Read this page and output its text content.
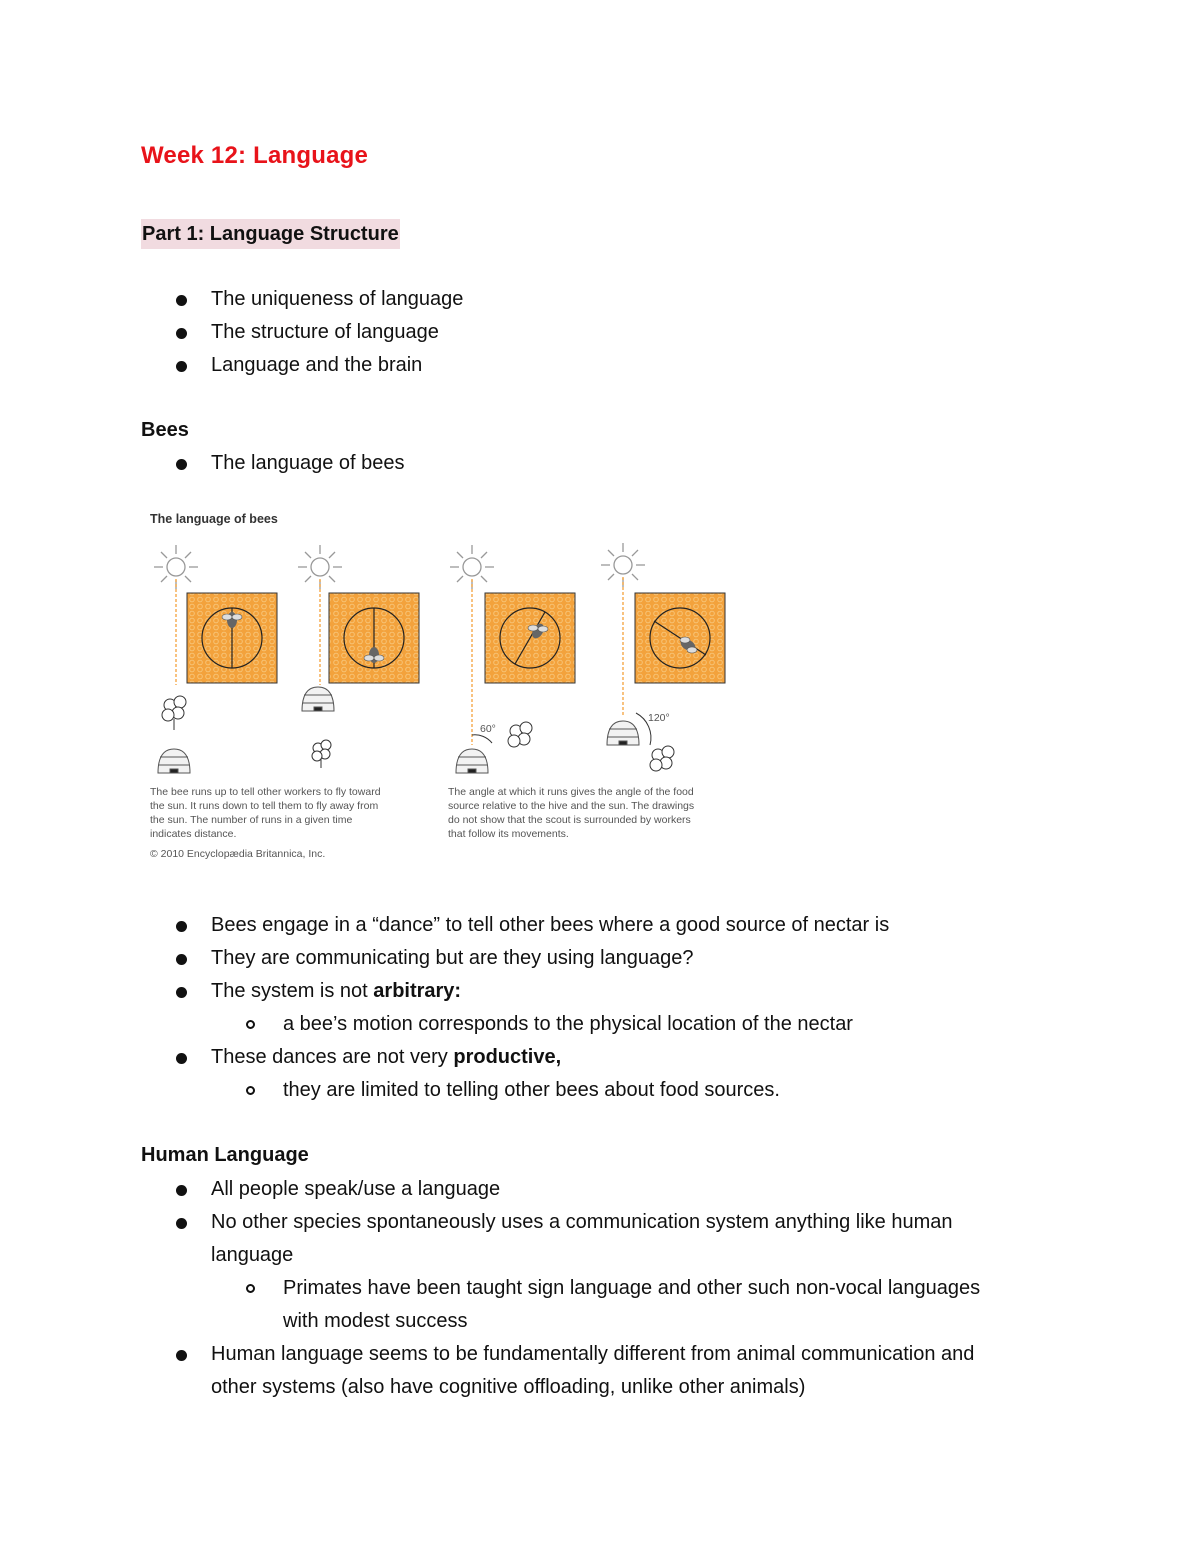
Week 12: Language
Part 1: Language Structure
The uniqueness of language
The structure of language
Language and the brain
Bees
The language of bees
The language of bees
60°
120°
The bee runs up to tell other workers to fly toward
the sun. It runs down to tell them to fly away from
the sun. The number of runs in a given time
indicates distance.
© 2010 Encyclopædia Britannica, Inc.
The angle at which it runs gives the angle of the food
source relative to the hive and the sun. The drawings
do not show that the scout is surrounded by workers
that follow its movements.
Bees engage in a “dance” to tell other bees where a good source of nectar is
They are communicating but are they using language?
The system is not arbitrary:
a bee’s motion corresponds to the physical location of the nectar
These dances are not very productive,
they are limited to telling other bees about food sources.
Human Language
All people speak/use a language
No other species spontaneously uses a communication system anything like human
language
Primates have been taught sign language and other such non-vocal languages
with modest success
Human language seems to be fundamentally different from animal communication and
other systems (also have cognitive offloading, unlike other animals)
